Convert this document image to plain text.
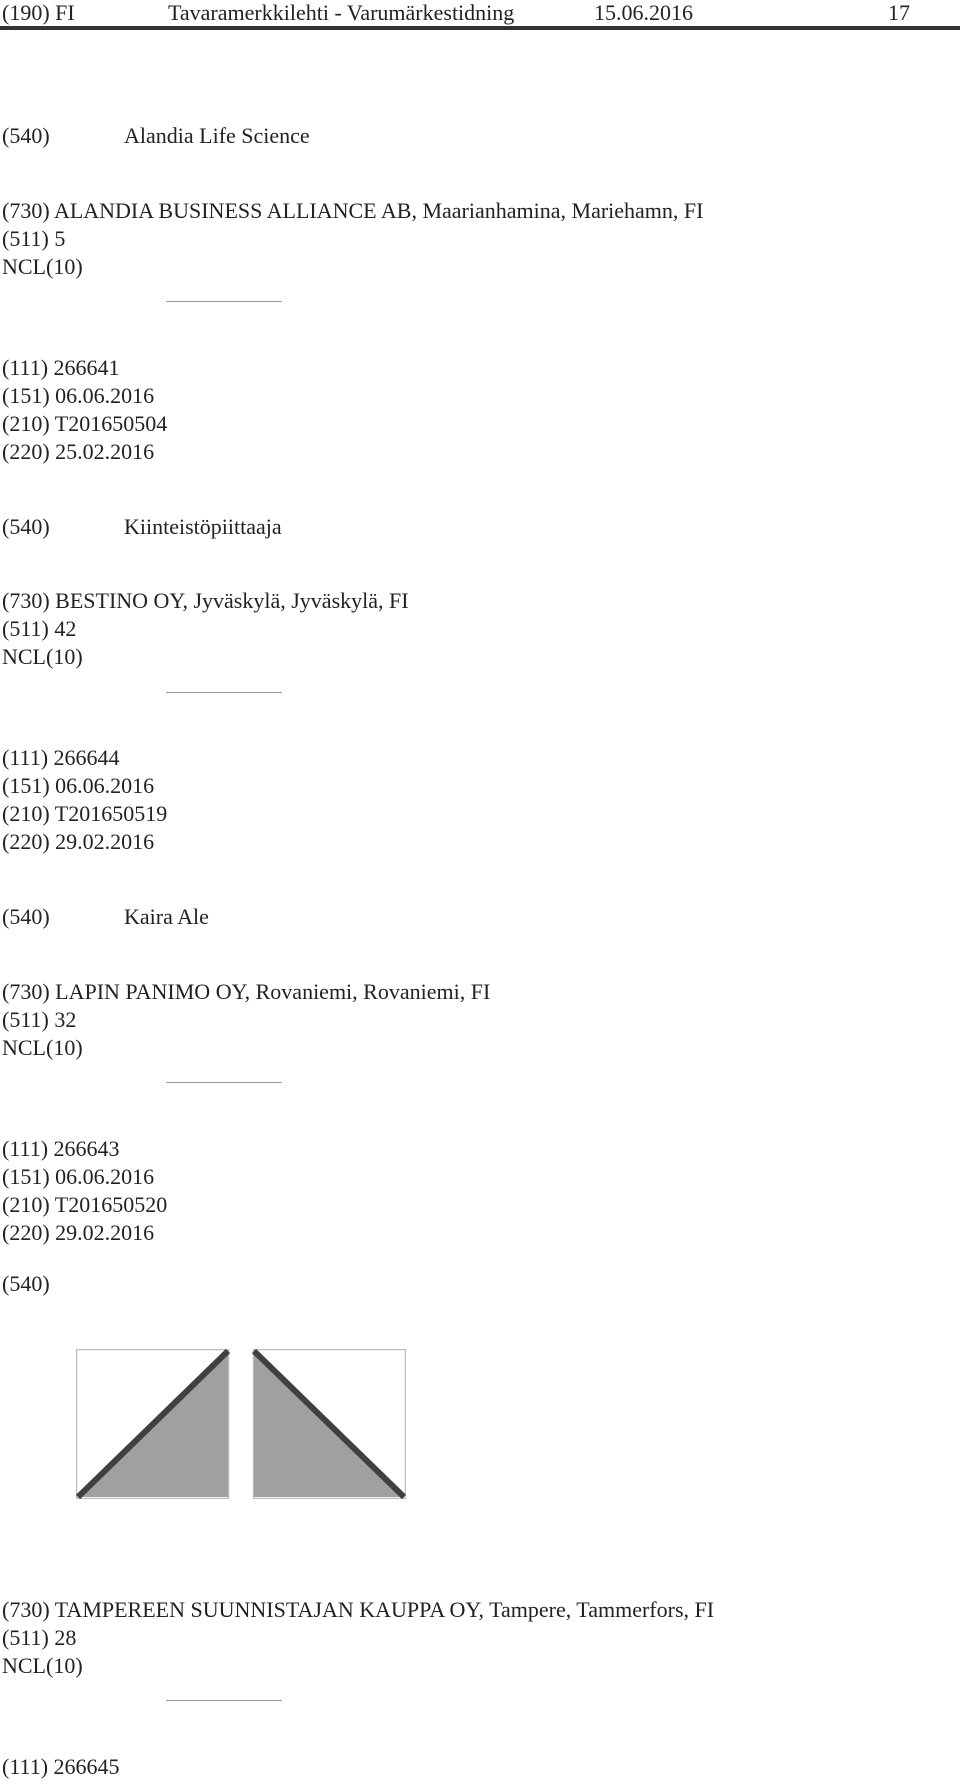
(190) FI	Tavaramerkkilehti - Varumärkestidning	15.06.2016	17
(540)	Alandia Life Science
(730) ALANDIA BUSINESS ALLIANCE AB, Maarianhamina, Mariehamn, FI
(511) 5
NCL(10)
(111) 266641
(151) 06.06.2016
(210) T201650504
(220) 25.02.2016
(540)	Kiinteistöpiittaaja
(730) BESTINO OY, Jyväskylä, Jyväskylä, FI
(511) 42
NCL(10)
(111) 266644
(151) 06.06.2016
(210) T201650519
(220) 29.02.2016
(540)	Kaira Ale
(730) LAPIN PANIMO OY, Rovaniemi, Rovaniemi, FI
(511) 32
NCL(10)
(111) 266643
(151) 06.06.2016
(210) T201650520
(220) 29.02.2016
(540)
(730) TAMPEREEN SUUNNISTAJAN KAUPPA OY, Tampere, Tammerfors, FI
(511) 28
NCL(10)
(111) 266645
